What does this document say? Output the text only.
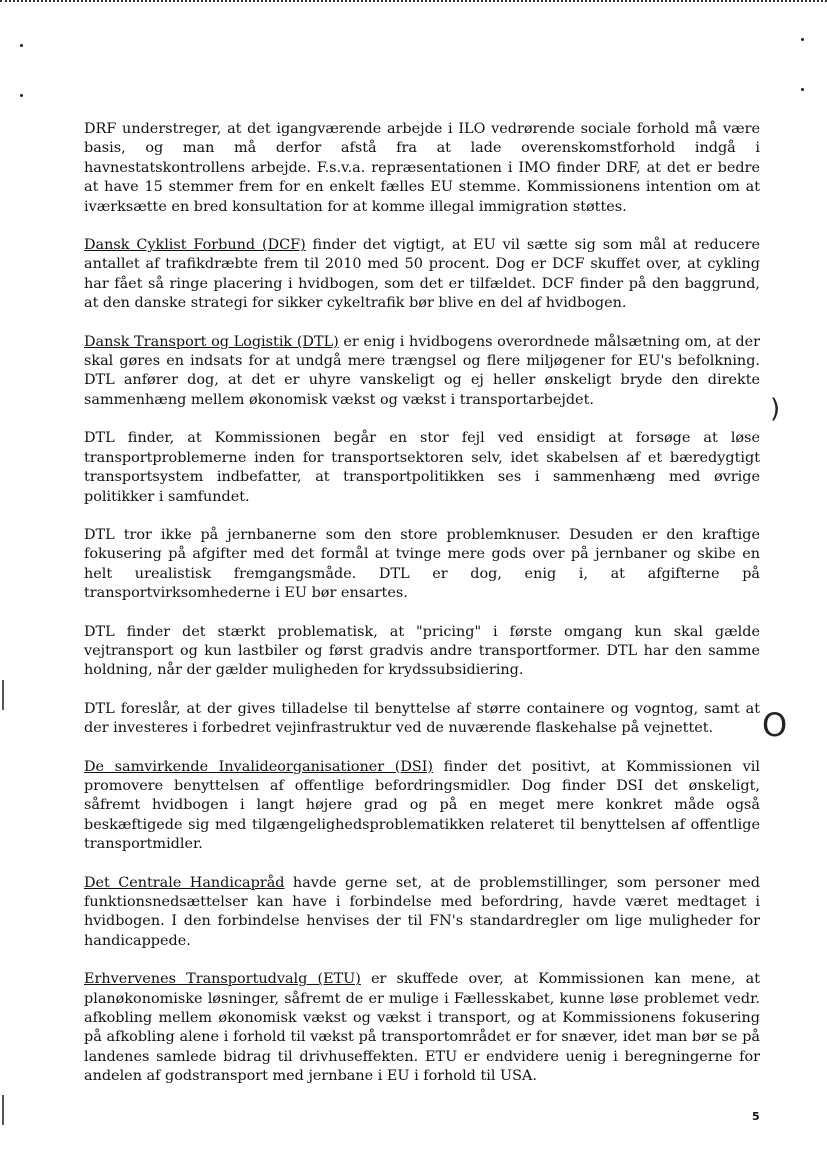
)
O

DRF understreger, at det igangværende arbejde i ILO vedrørende sociale forhold må være basis, og man må derfor afstå fra at lade overenskomstforhold indgå i havnestatskontrollens arbejde. F.s.v.a. repræsentationen i IMO finder DRF, at det er bedre at have 15 stemmer frem for en enkelt fælles EU stemme. Kommissionens intention om at iværksætte en bred konsultation for at komme illegal immigration støttes.

Dansk Cyklist Forbund (DCF) finder det vigtigt, at EU vil sætte sig som mål at reducere antallet af trafikdræbte frem til 2010 med 50 procent. Dog er DCF skuffet over, at cykling har fået så ringe placering i hvidbogen, som det er tilfældet. DCF finder på den baggrund, at den danske strategi for sikker cykeltrafik bør blive en del af hvidbogen.

Dansk Transport og Logistik (DTL) er enig i hvidbogens overordnede målsætning om, at der skal gøres en indsats for at undgå mere trængsel og flere miljøgener for EU's befolkning. DTL anfører dog, at det er uhyre vanskeligt og ej heller ønskeligt bryde den direkte sammenhæng mellem økonomisk vækst og vækst i transportarbejdet.

DTL finder, at Kommissionen begår en stor fejl ved ensidigt at forsøge at løse transportproblemerne inden for transportsektoren selv, idet skabelsen af et bæredygtigt transportsystem indbefatter, at transportpolitikken ses i sammenhæng med øvrige politikker i samfundet.

DTL tror ikke på jernbanerne som den store problemknuser. Desuden er den kraftige fokusering på afgifter med det formål at tvinge mere gods over på jernbaner og skibe en helt urealistisk fremgangsmåde. DTL er dog, enig i, at afgifterne på transportvirksomhederne i EU bør ensartes.

DTL finder det stærkt problematisk, at "pricing" i første omgang kun skal gælde vejtransport og kun lastbiler og først gradvis andre transportformer. DTL har den samme holdning, når der gælder muligheden for krydssubsidiering.

DTL foreslår, at der gives tilladelse til benyttelse af større containere og vogntog, samt at der investeres i forbedret vejinfrastruktur ved de nuværende flaskehalse på vejnettet.

De samvirkende Invalideorganisationer (DSI) finder det positivt, at Kommissionen vil promovere benyttelsen af offentlige befordringsmidler. Dog finder DSI det ønskeligt, såfremt hvidbogen i langt højere grad og på en meget mere konkret måde også beskæftigede sig med tilgængelighedsproblematikken relateret til benyttelsen af offentlige transportmidler.

Det Centrale Handicapråd havde gerne set, at de problemstillinger, som personer med funktionsnedsættelser kan have i forbindelse med befordring, havde været medtaget i hvidbogen. I den forbindelse henvises der til FN's standardregler om lige muligheder for handicappede.

Erhvervenes Transportudvalg (ETU) er skuffede over, at Kommissionen kan mene, at planøkonomiske løsninger, såfremt de er mulige i Fællesskabet, kunne løse problemet vedr. afkobling mellem økonomisk vækst og vækst i transport, og at Kommissionens fokusering på afkobling alene i forhold til vækst på transportområdet er for snæver, idet man bør se på landenes samlede bidrag til drivhuseffekten. ETU er endvidere uenig i beregningerne for andelen af godstransport med jernbane i EU i forhold til USA.

5
